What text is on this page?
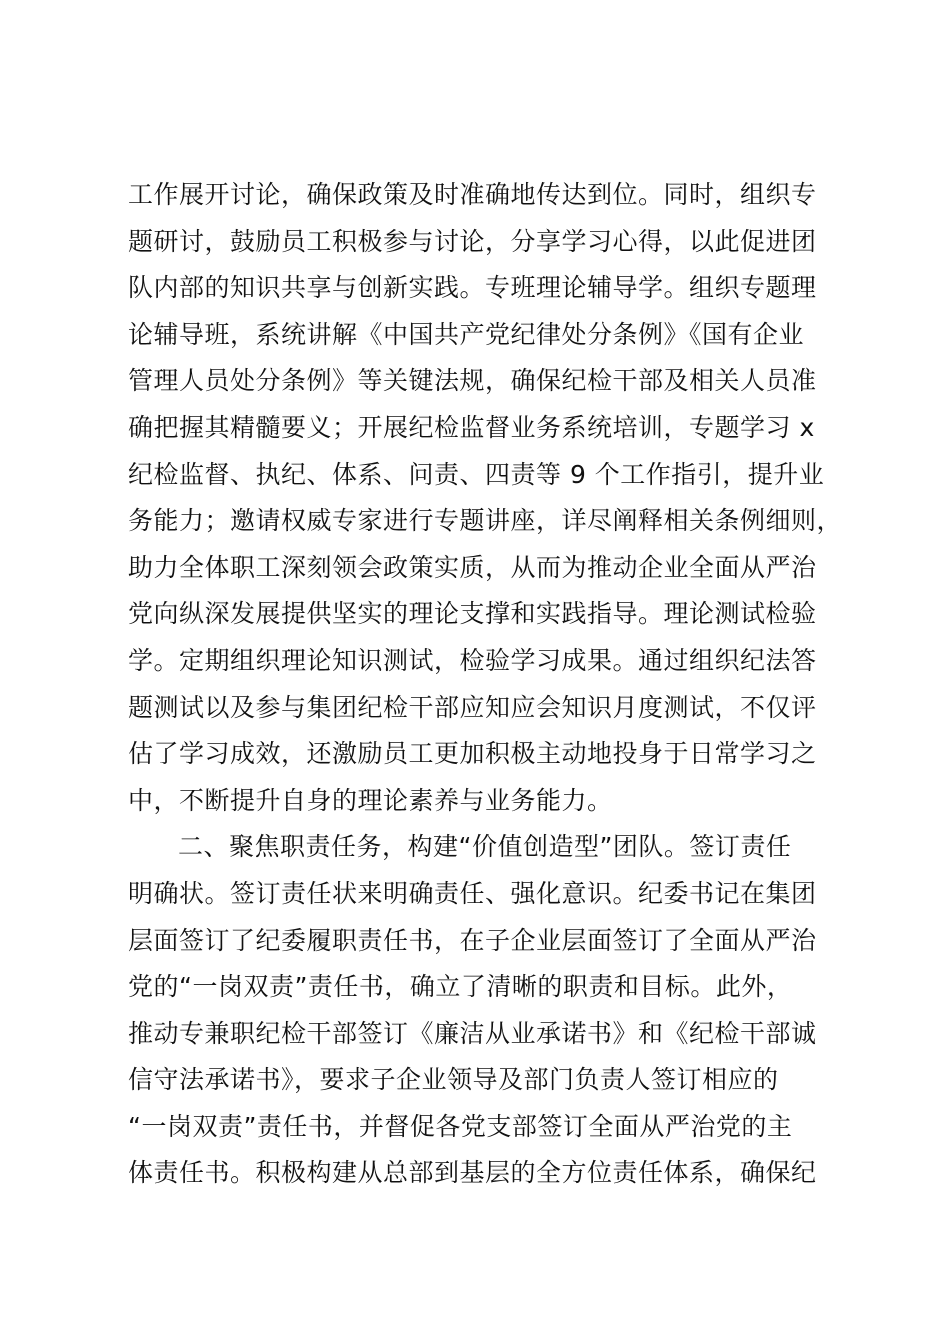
工作展开讨论，确保政策及时准确地传达到位。同时，组织专
题研讨，鼓励员工积极参与讨论，分享学习心得，以此促进团
队内部的知识共享与创新实践。专班理论辅导学。组织专题理
论辅导班，系统讲解《中国共产党纪律处分条例》《国有企业
管理人员处分条例》等关键法规，确保纪检干部及相关人员准
确把握其精髓要义；开展纪检监督业务系统培训，专题学习 x
纪检监督、执纪、体系、问责、四责等 9 个工作指引，提升业
务能力；邀请权威专家进行专题讲座，详尽阐释相关条例细则，
助力全体职工深刻领会政策实质，从而为推动企业全面从严治
党向纵深发展提供坚实的理论支撑和实践指导。理论测试检验
学。定期组织理论知识测试，检验学习成果。通过组织纪法答
题测试以及参与集团纪检干部应知应会知识月度测试，不仅评
估了学习成效，还激励员工更加积极主动地投身于日常学习之
中，不断提升自身的理论素养与业务能力。
二、聚焦职责任务，构建“价值创造型”团队。签订责任
明确状。签订责任状来明确责任、强化意识。纪委书记在集团
层面签订了纪委履职责任书，在子企业层面签订了全面从严治
党的“一岗双责”责任书，确立了清晰的职责和目标。此外，
推动专兼职纪检干部签订《廉洁从业承诺书》和《纪检干部诚
信守法承诺书》，要求子企业领导及部门负责人签订相应的
“一岗双责”责任书，并督促各党支部签订全面从严治党的主
体责任书。积极构建从总部到基层的全方位责任体系，确保纪
